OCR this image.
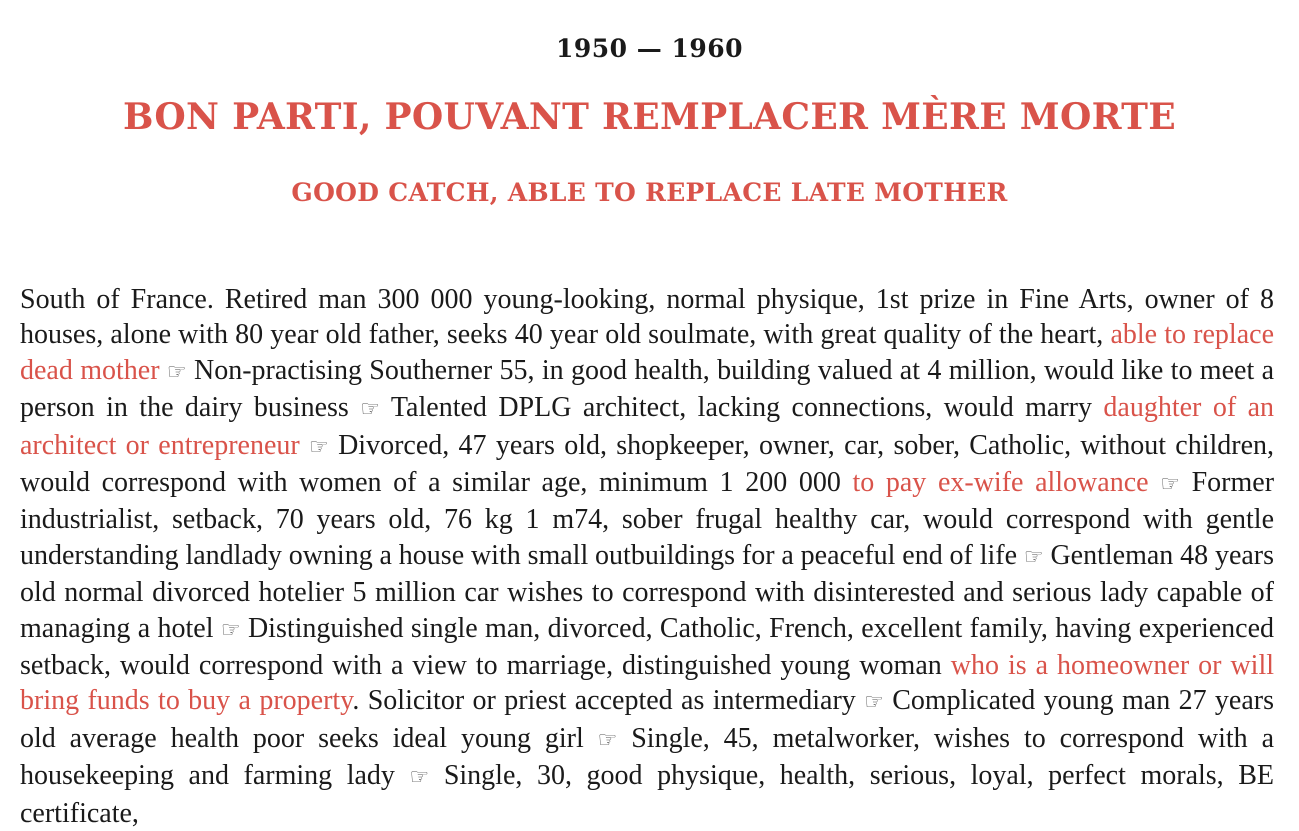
1950 — 1960
BON PARTI, POUVANT REMPLACER MÈRE MORTE
GOOD CATCH, ABLE TO REPLACE LATE MOTHER
South of France. Retired man 300 000 young-looking, normal physique, 1st prize in Fine Arts, owner of 8 houses, alone with 80 year old father, seeks 40 year old soulmate, with great quality of the heart, able to replace dead mother ☞ Non-practising Southerner 55, in good health, building valued at 4 million, would like to meet a person in the dairy business ☞ Talented DPLG architect, lacking connections, would marry daughter of an architect or entrepreneur ☞ Divorced, 47 years old, shopkeeper, owner, car, sober, Catholic, without children, would correspond with women of a similar age, minimum 1 200 000 to pay ex-wife allowance ☞ Former industrialist, setback, 70 years old, 76 kg 1 m74, sober frugal healthy car, would correspond with gentle understanding landlady owning a house with small outbuildings for a peaceful end of life ☞ Gentleman 48 years old normal divorced hotelier 5 million car wishes to correspond with disinterested and serious lady capable of managing a hotel ☞ Distinguished single man, divorced, Catholic, French, excellent family, having experienced setback, would correspond with a view to marriage, distinguished young woman who is a homeowner or will bring funds to buy a property. Solicitor or priest accepted as intermediary ☞ Complicated young man 27 years old average health poor seeks ideal young girl ☞ Single, 45, metalworker, wishes to correspond with a housekeeping and farming lady ☞ Single, 30, good physique, health, serious, loyal, perfect morals, BE certificate,
